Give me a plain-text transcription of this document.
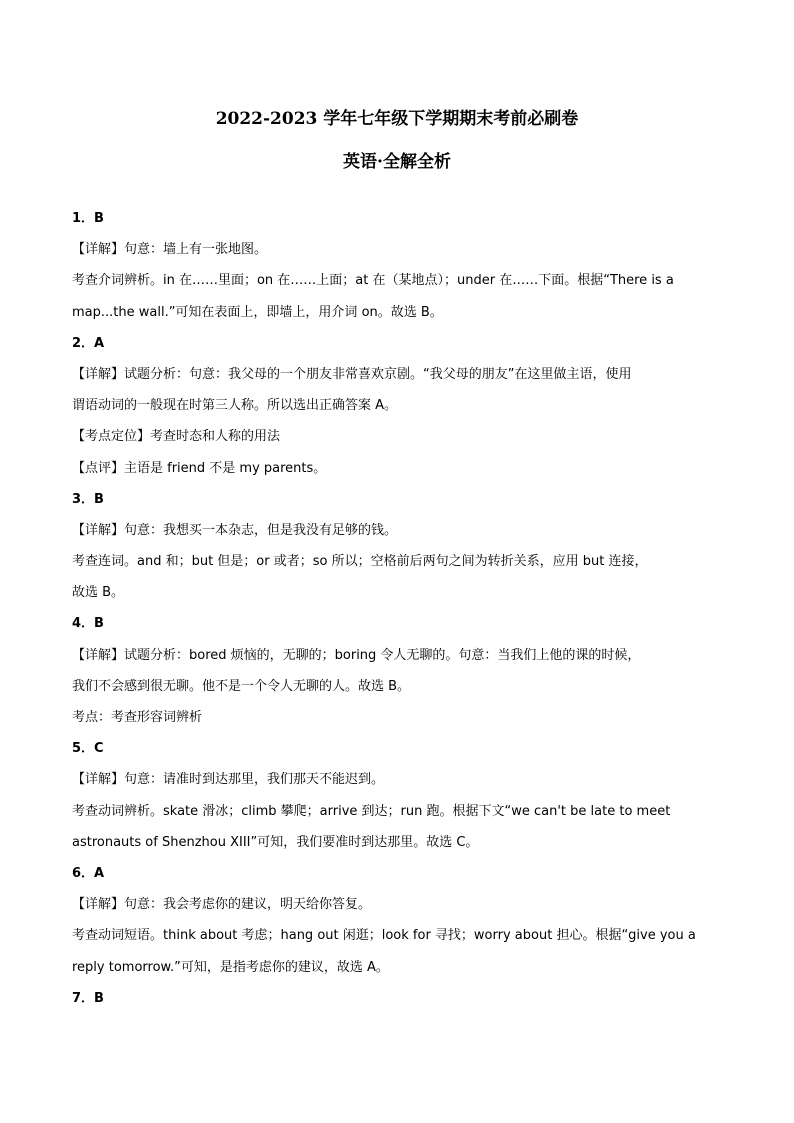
2022-2023 学年七年级下学期期末考前必刷卷
英语·全解全析
1．B
【详解】句意：墙上有一张地图。
考查介词辨析。in 在……里面；on 在……上面；at 在（某地点）；under 在……下面。根据“There is a
map...the wall.”可知在表面上，即墙上，用介词 on。故选 B。
2．A
【详解】试题分析：句意：我父母的一个朋友非常喜欢京剧。“我父母的朋友”在这里做主语，使用
谓语动词的一般现在时第三人称。所以选出正确答案 A。
【考点定位】考查时态和人称的用法
【点评】主语是 friend 不是 my parents。
3．B
【详解】句意：我想买一本杂志，但是我没有足够的钱。
考查连词。and 和；but 但是；or 或者；so 所以；空格前后两句之间为转折关系，应用 but 连接，
故选 B。
4．B
【详解】试题分析：bored 烦恼的，无聊的；boring 令人无聊的。句意：当我们上他的课的时候，
我们不会感到很无聊。他不是一个令人无聊的人。故选 B。
考点：考查形容词辨析
5．C
【详解】句意：请准时到达那里，我们那天不能迟到。
考查动词辨析。skate 滑冰；climb 攀爬；arrive 到达；run 跑。根据下文“we can't be late to meet
astronauts of Shenzhou XIII”可知，我们要准时到达那里。故选 C。
6．A
【详解】句意：我会考虑你的建议，明天给你答复。
考查动词短语。think about 考虑；hang out 闲逛；look for 寻找；worry about 担心。根据“give you a
reply tomorrow.”可知，是指考虑你的建议，故选 A。
7．B
